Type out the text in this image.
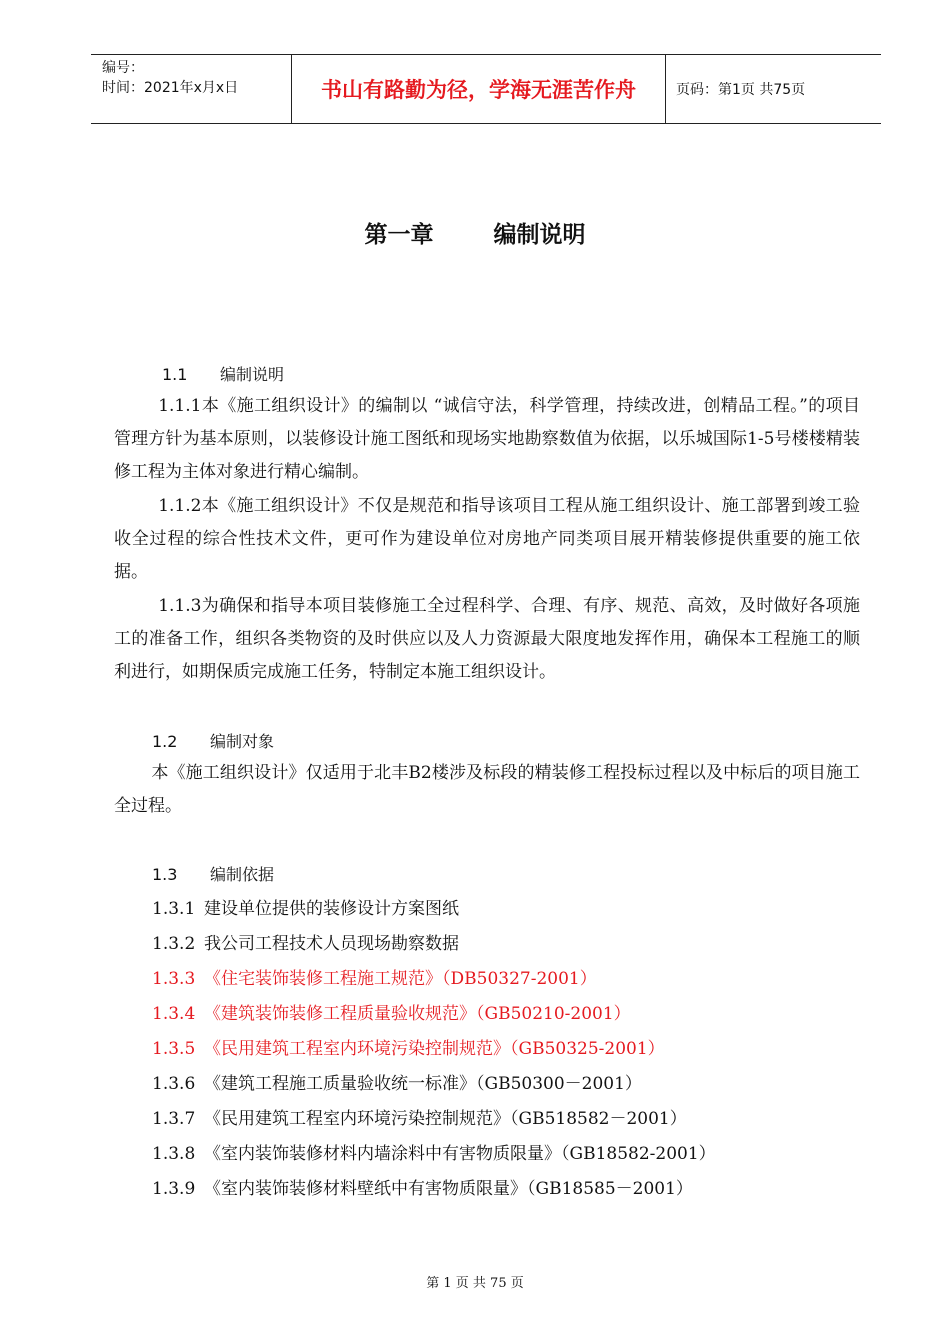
编号：
时间：2021年x月x日	书山有路勤为径，学海无涯苦作舟	页码：第1页 共75页
第一章	编制说明
1.1 编制说明
1.1.1本《施工组织设计》的编制以 “诚信守法，科学管理，持续改进，创精品工程。”的项目管理方针为基本原则，以装修设计施工图纸和现场实地勘察数值为依据，以乐城国际1-5号楼楼精装修工程为主体对象进行精心编制。
1.1.2本《施工组织设计》不仅是规范和指导该项目工程从施工组织设计、施工部署到竣工验收全过程的综合性技术文件，更可作为建设单位对房地产同类项目展开精装修提供重要的施工依据。
1.1.3为确保和指导本项目装修施工全过程科学、合理、有序、规范、高效，及时做好各项施工的准备工作，组织各类物资的及时供应以及人力资源最大限度地发挥作用，确保本工程施工的顺利进行，如期保质完成施工任务，特制定本施工组织设计。
1.2 编制对象
本《施工组织设计》仅适用于北丰B2楼涉及标段的精装修工程投标过程以及中标后的项目施工全过程。
1.3 编制依据
1.3.1 建设单位提供的装修设计方案图纸
1.3.2 我公司工程技术人员现场勘察数据
1.3.3 《住宅装饰装修工程施工规范》（DB50327-2001）
1.3.4 《建筑装饰装修工程质量验收规范》（GB50210-2001）
1.3.5 《民用建筑工程室内环境污染控制规范》（GB50325-2001）
1.3.6 《建筑工程施工质量验收统一标准》（GB50300－2001）
1.3.7 《民用建筑工程室内环境污染控制规范》（GB518582－2001）
1.3.8 《室内装饰装修材料内墙涂料中有害物质限量》（GB18582-2001）
1.3.9 《室内装饰装修材料壁纸中有害物质限量》（GB18585－2001）
第 1 页 共 75 页
